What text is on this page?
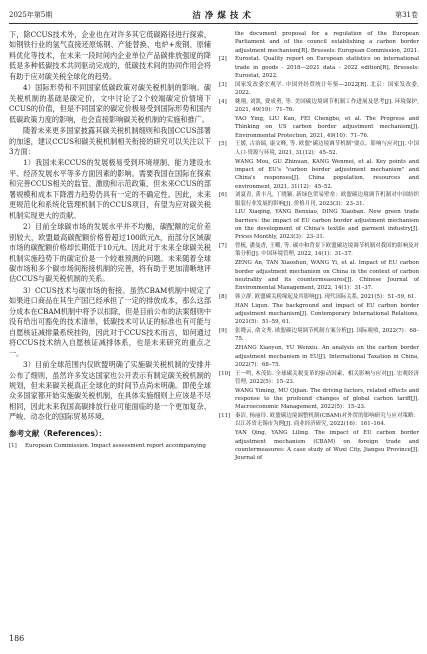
2025年第5期	洁净煤技术	第31卷

下，除CCUS技术外，企业也在对许多其它低碳路径进行探索，如钢铁行业的氢气直接还原炼钢、产能替换、电炉+废钢、原辅料优化等技术，在未来一段时间内企业单位产品碳排放强度的降低是多种低碳技术共同驱动完成的，低碳技术间的协同作用会将有助于应对碳关税全球化的趋势。

4）国际形势和不同国家低碳政策对碳关税机制的影响。碳关税机制的基础是碳定价，文中讨论了2个较端碳定价情境下CCUS的价值，但是不同国家的碳定价极易受到国际形势和国内低碳政策力度的影响，也会直接影响碳关税机制的实施和推广。

随着未来更多国家披露其碳关税机制细则和我国CCUS部署的加速，建议CCUS和碳关税机制相关衔接的研究可以关注以下3方面：

1）我国未来CCUS的发展极易受到环境规制、能力建设水平、经济发展水平等多方面因素的影响。需要我国在国际在探索和完善CCUS相关的监管、激励和示范政策，但未来CCUS的部署规模和成本下降潜力趋势仍具有一定的不确定性。因此，未来更规范化和系统化管理机制下的CCUS项目，有望为应对碳关税机制实现更大的贡献。

2）目前全球碳市场的发展水平并不均衡，碳配额的定价差别较大，欧盟最高碳配额价格曾超过100欧元/t，而部分区域碳市场的碳配额价格却长期低于10元/t。因此对于未来全球碳关税机制实施趋势下的碳定价是一个较难预测的问题。未来随着全球碳市场和多个碳市场间衔接机制的完善，将有助于更加清晰地评估CCUS与碳关税机制的关系。

3）CCUS技术与碳市场的衔接。虽然CBAM机制中规定了如果进口商品在其生产国已经承担了一定的排放成本，那么这部分成本在CBAM机制中将予以扣除，但是目前公布的法案细则中没有给出可豁免的技术清单，低碳技术可认证的标准也有可能与自愿核证减排量系统挂钩，因此对于CCUS技术而言，如何通过将CCUS技术纳入自愿核证减排体系，也是未来研究的重点之一。

3）目前全球范围内仅欧盟明确了实施碳关税机制的安排并公布了细则，虽然许多发达国家也公开表示有制定碳关税机制的规划，但未来碳关税真正全球化的时间节点尚未明确。即使全球众多国家都开始实施碳关税机制，在具体实施细则上应该是不尽相同，因此未来我国高碳排放行业可能面临的是一个更加复杂、严峻、动态化的国际贸易环境。

参考文献（References）：
[1]	European Commission. Impact assessment report accompanying
the document proposal for a regulation of the European Parliament and of the council establishing a carbon border adjustment mechanism[R]. Brussels: European Commission, 2021.
[2]	Eurostat. Quality report on European statistics on international trade in goods - 2018—2021 data - 2022 edition[R]. Brussels: Eurostat, 2022.
[3]	国家发改委宏观学. 中国外经贸统计年鉴—2022[R]. 北京：国家发改委, 2022.
[4]	姚翔, 刘凯, 费成勇, 等. 美国碳边境调节机制工作进展及思考[J]. 环境保护, 2021, 49(19)：71–76.
YAO Ying, LIU Kan, FEI Chengbo, et al. The Progress and Thinking on US carbon border adjustment mechanism[J]. Environmental Protection, 2021, 49(10)：71–76.
[5]	王媛, 古治瑞, 康文峰, 等. 欧盟"碳边境调节机制"要点、影响与应对[J]. 中国人口·资源与环境, 2021, 31(12)：45–52.
WANG Mou, GU Zhinuan, KANG Wenmei, et al. Key points and impact of EU's "carbon border adjustment mechanism" and China's responses[J]. China population, resources and environment, 2021, 31(12)：45–52.
[6]	刘夏青, 黄丰凡, 丁晓颖. 新绿色贸易壁垒：欧盟碳边境调节机制对中国纺织服装行业发展的影响[J]. 价格月刊, 2023(3)：23–31.
LIU Xiaqing, YANG Benxiao, DING Xiaoban. New green trade barriers: the impact of EU carbon border adjustment mechanism on the development of China's textile and garment industry[J]. Prices Monthly, 2023(3)：23–31.
[7]	曾梳, 潘曼香, 王嚼, 等. 碳中和背景下欧盟碳边境调节机制对我国的影响及对策分析[J]. 中国环境管理, 2022, 14(1)：31–37.
ZENG An, TAN Xiaoshun, WANG Yi, et al. Impact of EU carbon border adjustment mechanism on China in the context of carbon neutrality and its countermeasures[J]. Chinese Journal of Environmental Management, 2022, 14(1)：31–37.
[8]	韩立群. 欧盟碳关税缘起及其影响[J]. 现代国际关系, 2021(5)：51–59, 61.
HAN Liqun. The background and impact of EU carbon border adjustment mechanism[J]. Contemporary International Relations, 2021(5)：51–59, 61.
[9]	张晓云, 俞文秀. 欧盟碳边境调节机制方案分析[J]. 国际税收, 2022(7)：68–75.
ZHANG Xiaoyun, YU Wenxiu. An analysis on the carbon border adjustment mechanism in EU[J]. International Taxation in China, 2022(7)：68–75.
[10] 王一鸣, 木茂佑. 全球碳关税变革的驱动因素、相关影响与应对[J]. 宏观经济管理, 2022(5)：15–23.
WANG Yiming, MU Qijian. The driving factors, related effects and response to the profound changes of global carbon tariff[J]. Macroeconomic Management, 2022(5)：15–23.
[11] 秦洁, 杨丽玲. 欧盟碳边境调整机制(CBAM)对外贸的影响研究与应对策略：以江苏省无锡市为例[J]. 商业经济研究, 2022(16)：161–164.
YAN Qing, YANG Liling. The impact of EU carbon border adjustment mechanism (CBAM) on foreign trade and countermeasures: A case study of Wuxi City, Jiangsu Province[J]. Journal of
186
